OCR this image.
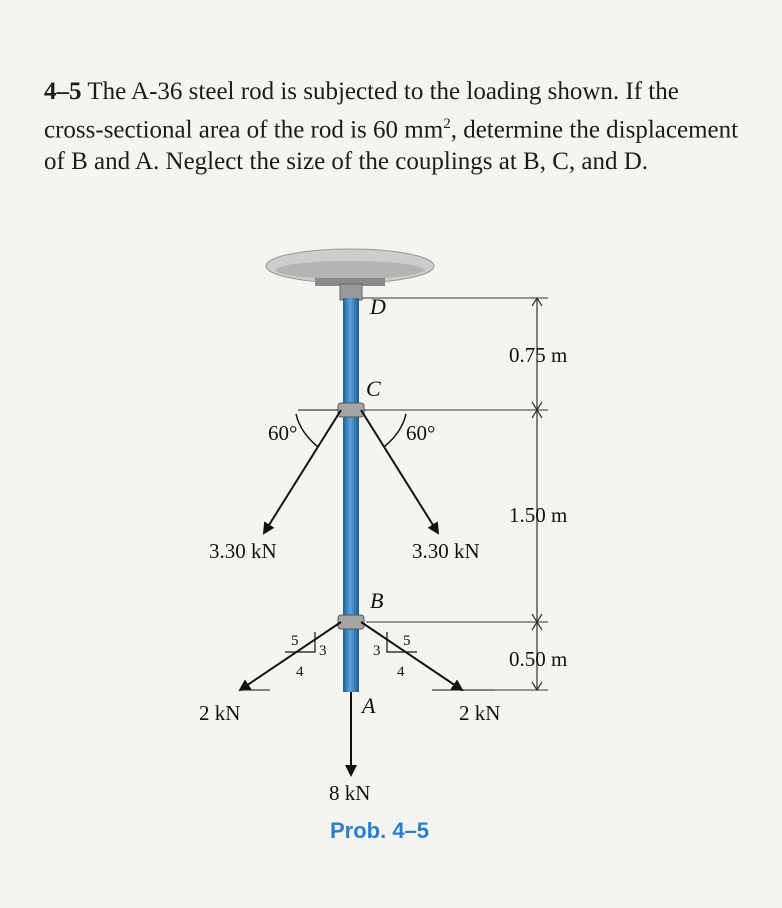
4–5 The A-36 steel rod is subjected to the loading shown. If the cross-sectional area of the rod is 60 $mm^2$, determine the displacement of B and A. Neglect the size of the couplings at B, C, and D.
D
C
B
A
60°	60°
3.30 kN	3.30 kN
5
3
4
5
3
4
2 kN	2 kN
8 kN
0.75 m
1.50 m
0.50 m
Prob. 4–5
